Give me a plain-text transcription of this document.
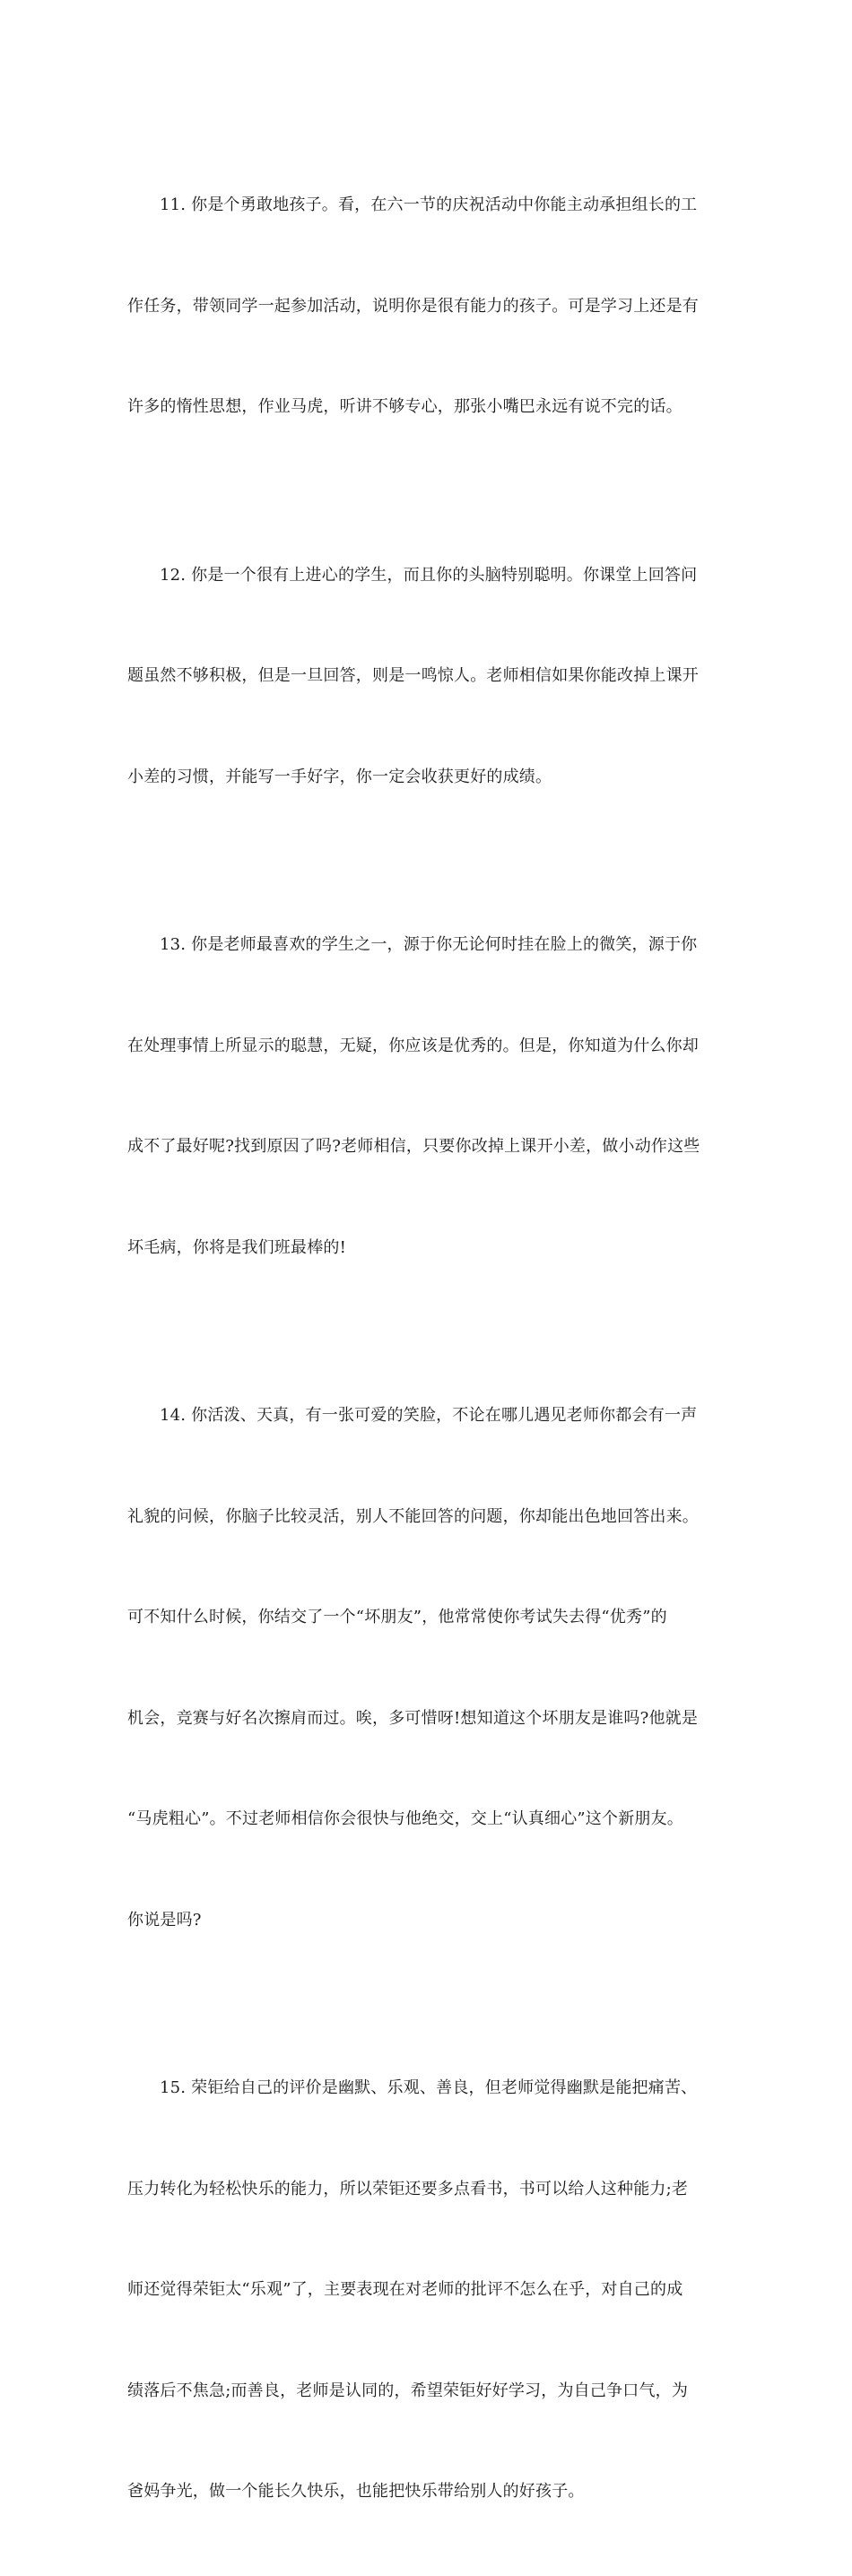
11. 你是个勇敢地孩子。看，在六一节的庆祝活动中你能主动承担组长的工

作任务，带领同学一起参加活动，说明你是很有能力的孩子。可是学习上还是有

许多的惰性思想，作业马虎，听讲不够专心，那张小嘴巴永远有说不完的话。

12. 你是一个很有上进心的学生，而且你的头脑特别聪明。你课堂上回答问

题虽然不够积极，但是一旦回答，则是一鸣惊人。老师相信如果你能改掉上课开

小差的习惯，并能写一手好字，你一定会收获更好的成绩。

13. 你是老师最喜欢的学生之一，源于你无论何时挂在脸上的微笑，源于你

在处理事情上所显示的聪慧，无疑，你应该是优秀的。但是，你知道为什么你却

成不了最好呢?找到原因了吗?老师相信，只要你改掉上课开小差，做小动作这些

坏毛病，你将是我们班最棒的!

14. 你活泼、天真，有一张可爱的笑脸，不论在哪儿遇见老师你都会有一声

礼貌的问候，你脑子比较灵活，别人不能回答的问题，你却能出色地回答出来。

可不知什么时候，你结交了一个“坏朋友”，他常常使你考试失去得“优秀”的

机会，竞赛与好名次擦肩而过。唉，多可惜呀!想知道这个坏朋友是谁吗?他就是

“马虎粗心”。不过老师相信你会很快与他绝交，交上“认真细心”这个新朋友。

你说是吗?

15. 荣钜给自己的评价是幽默、乐观、善良，但老师觉得幽默是能把痛苦、

压力转化为轻松快乐的能力，所以荣钜还要多点看书，书可以给人这种能力;老

师还觉得荣钜太“乐观”了，主要表现在对老师的批评不怎么在乎，对自己的成

绩落后不焦急;而善良，老师是认同的，希望荣钜好好学习，为自己争口气，为

爸妈争光，做一个能长久快乐，也能把快乐带给别人的好孩子。
